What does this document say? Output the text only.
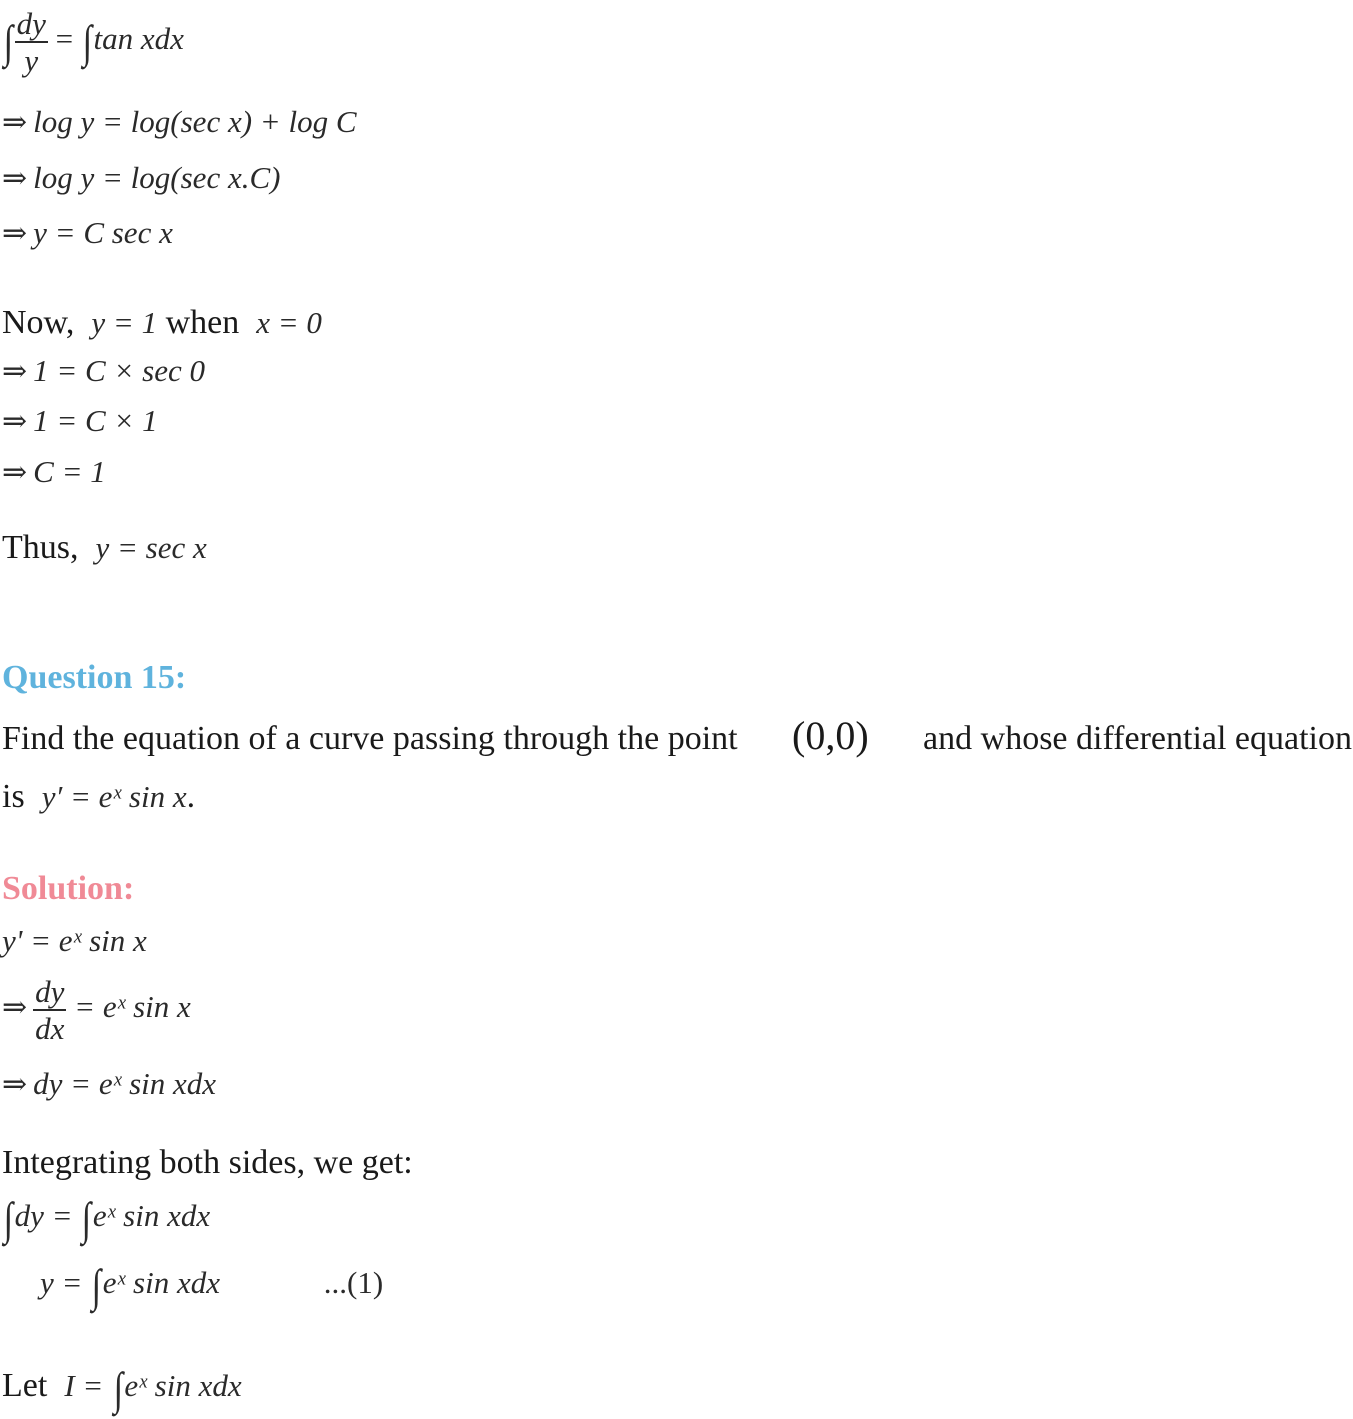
∫ $\frac{dy}{y} = \int\tan$ xdx
⇒ log y = log(sec x) + log C
⇒ log y = log(sec x.C)
⇒ y = C sec x
Now, y = 1 when x = 0
⇒ 1 = C × sec 0
⇒ 1 = C × 1
⇒ C = 1
Thus, y = sec x
Question 15:
Find the equation of a curve passing through the point (0,0) and whose differential equation
is y′ = eˣ sin x.
Solution:
y' = eˣ sin x
⇒ $\frac{dy}{dx}$ = eˣ sin x
⇒ dy = eˣ sin xdx
Integrating both sides, we get:
∫dy = ∫eˣ sin xdx
y = ∫eˣ sin xdx	...(1)
Let I = ∫eˣ sin xdx
